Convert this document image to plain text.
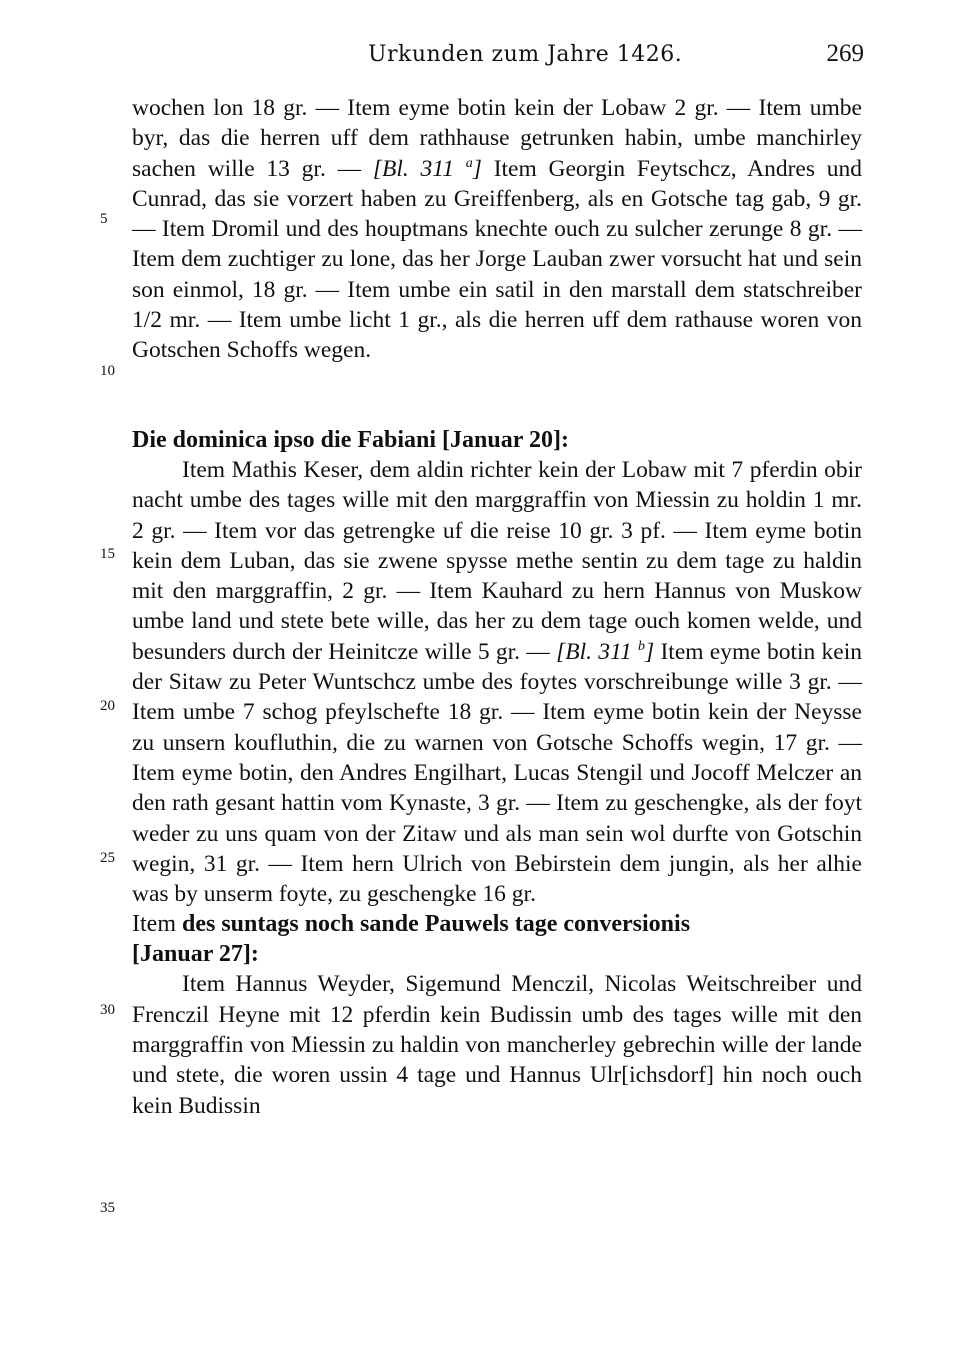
Urkunden zum Jahre 1426.	269
5
10
15
20
25
30
35

wochen lon 18 gr. — Item eyme botin kein der Lobaw 2 gr. — Item umbe byr, das die herren uff dem rathhause getrunken habin, umbe manchirley sachen wille 13 gr. — [Bl. 311 $^a$] Item Georgin Feytschcz, Andres und Cunrad, das sie vorzert haben zu Greiffenberg, als en Gotsche tag gab, 9 gr. — Item Dromil und des houptmans knechte ouch zu sulcher zerunge 8 gr. — Item dem zuchtiger zu lone, das her Jorge Lauban zwer vorsucht hat und sein son einmol, 18 gr. — Item umbe ein satil in den marstall dem statschreiber 1/2 mr. — Item umbe licht 1 gr., als die herren uff dem rathause woren von Gotschen Schoffs wegen.

Die dominica ipso die Fabiani [Januar 20]:

Item Mathis Keser, dem aldin richter kein der Lobaw mit 7 pferdin obir nacht umbe des tages wille mit den marggraffin von Miessin zu holdin 1 mr. 2 gr. — Item vor das getrengke uf die reise 10 gr. 3 pf. — Item eyme botin kein dem Luban, das sie zwene spysse methe sentin zu dem tage zu haldin mit den marggraffin, 2 gr. — Item Kauhard zu hern Hannus von Muskow umbe land und stete bete wille, das her zu dem tage ouch komen welde, und besunders durch der Heinitcze wille 5 gr. — [Bl. 311 $^b$] Item eyme botin kein der Sitaw zu Peter Wuntschcz umbe des foytes vorschreibunge wille 3 gr. — Item umbe 7 schog pfeylschefte 18 gr. — Item eyme botin kein der Neysse zu unsern koufluthin, die zu warnen von Gotsche Schoffs wegin, 17 gr. — Item eyme botin, den Andres Engilhart, Lucas Stengil und Jocoff Melczer an den rath gesant hattin vom Kynaste, 3 gr. — Item zu geschengke, als der foyt weder zu uns quam von der Zitaw und als man sein wol durfte von Gotschin wegin, 31 gr. — Item hern Ulrich von Bebirstein dem jungin, als her alhie was by unserm foyte, zu geschengke 16 gr.

Item des suntags noch sande Pauwels tage conversionis
[Januar 27]:

Item Hannus Weyder, Sigemund Menczil, Nicolas Weitschreiber und Frenczil Heyne mit 12 pferdin kein Budissin umb des tages wille mit den marggraffin von Miessin zu haldin von mancherley gebrechin wille der lande und stete, die woren ussin 4 tage und Hannus Ulr[ichsdorf] hin noch ouch kein Budissin
